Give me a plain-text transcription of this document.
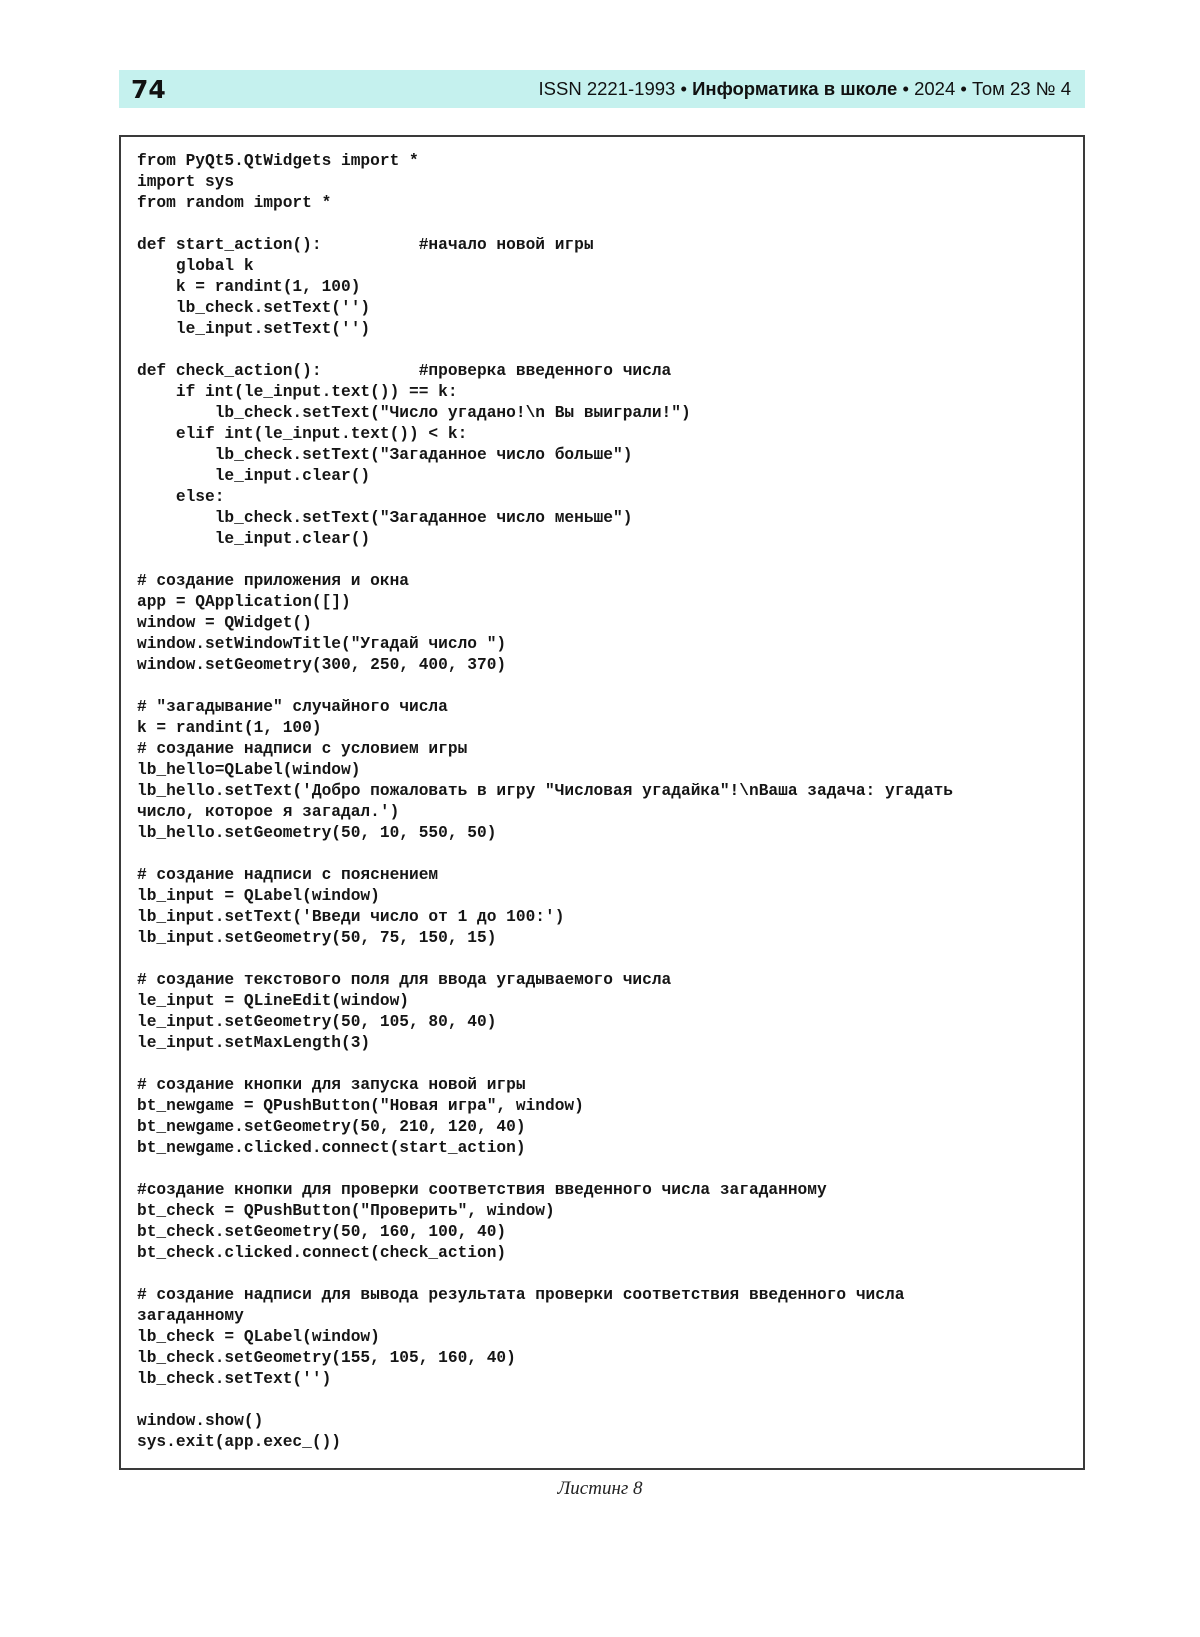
74	ISSN 2221-1993 • Информатика в школе • 2024 • Том 23 № 4
from PyQt5.QtWidgets import *
import sys
from random import *
def start_action():          #начало новой игры
global k
k = randint(1, 100)
lb_check.setText('')
le_input.setText('')
def check_action():          #проверка введенного числа
if int(le_input.text()) == k:
lb_check.setText("Число угадано!\n Вы выиграли!")
elif int(le_input.text()) < k:
lb_check.setText("Загаданное число больше")
le_input.clear()
else:
lb_check.setText("Загаданное число меньше")
le_input.clear()
# создание приложения и окна
app = QApplication([])
window = QWidget()
window.setWindowTitle("Угадай число ")
window.setGeometry(300, 250, 400, 370)
# "загадывание" случайного числа
k = randint(1, 100)
# создание надписи с условием игры
lb_hello=QLabel(window)
lb_hello.setText('Добро пожаловать в игру "Числовая угадайка"!\nВаша задача: угадать
число, которое я загадал.')
lb_hello.setGeometry(50, 10, 550, 50)
# создание надписи с пояснением
lb_input = QLabel(window)
lb_input.setText('Введи число от 1 до 100:')
lb_input.setGeometry(50, 75, 150, 15)
# создание текстового поля для ввода угадываемого числа
le_input = QLineEdit(window)
le_input.setGeometry(50, 105, 80, 40)
le_input.setMaxLength(3)
# создание кнопки для запуска новой игры
bt_newgame = QPushButton("Новая игра", window)
bt_newgame.setGeometry(50, 210, 120, 40)
bt_newgame.clicked.connect(start_action)
#создание кнопки для проверки соответствия введенного числа загаданному
bt_check = QPushButton("Проверить", window)
bt_check.setGeometry(50, 160, 100, 40)
bt_check.clicked.connect(check_action)
# создание надписи для вывода результата проверки соответствия введенного числа
загаданному
lb_check = QLabel(window)
lb_check.setGeometry(155, 105, 160, 40)
lb_check.setText('')
window.show()
sys.exit(app.exec_())
Листинг 8
